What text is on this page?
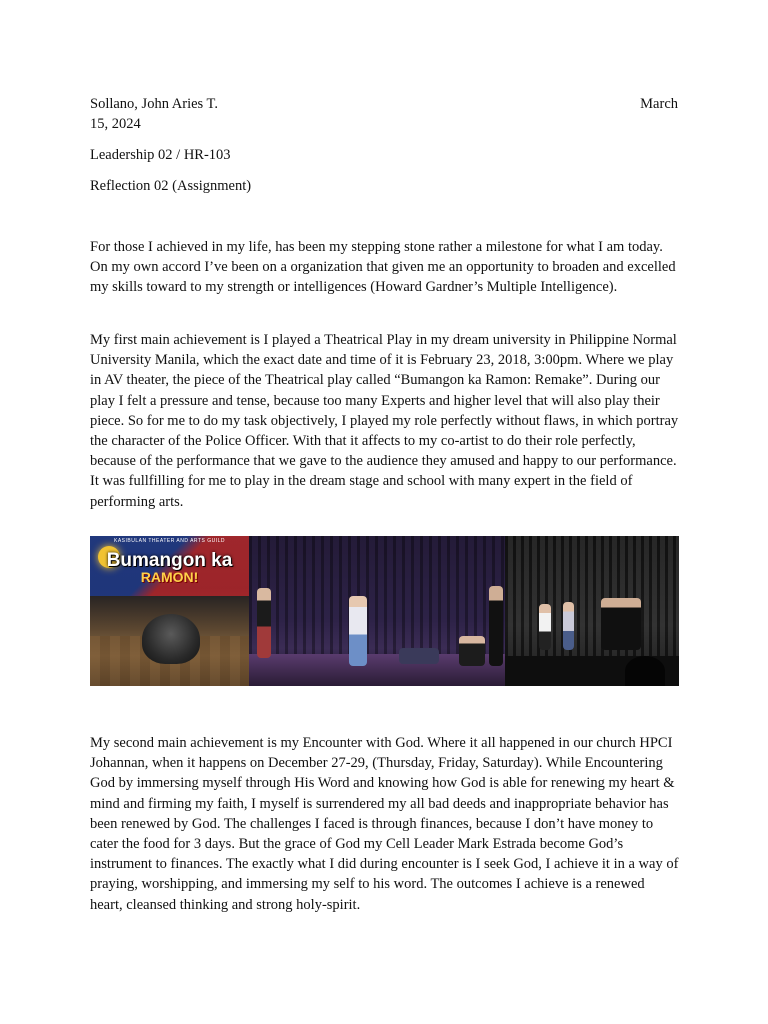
Sollano, John Aries T.	March
15, 2024
Leadership 02 / HR-103
Reflection 02 (Assignment)

For those I achieved in my life, has been my stepping stone rather a milestone for what I am today. On my own accord I’ve been on a organization that given me an opportunity to broaden and excelled my skills toward to my strength or intelligences (Howard Gardner’s Multiple Intelligence).

My first main achievement is I played a Theatrical Play in my dream university in Philippine Normal University Manila, which the exact date and time of it is February 23, 2018, 3:00pm. Where we play in AV theater, the piece of the Theatrical play called “Bumangon ka Ramon: Remake”. During our play I felt a pressure and tense, because too many Experts and higher level that will also play their piece. So for me to do my task objectively, I played my role perfectly without flaws, in which portray the character of the Police Officer. With that it affects to my co-artist to do their role perfectly, because of the performance that we gave to the audience they amused and happy to our performance. It was fullfilling for me to play in the dream stage and school with many expert in the field of performing arts.

KASIBULAN THEATER AND ARTS GUILD
Bumangon ka
RAMON!

My second main achievement is my Encounter with God. Where it all happened in our church HPCI Johannan, when it happens on December 27-29, (Thursday, Friday, Saturday). While Encountering God by immersing myself through His Word and knowing how God is able for renewing my heart & mind and firming my faith, I myself is surrendered my all bad deeds and inappropriate behavior has been renewed by God. The challenges I faced is through finances, because I don’t have money to cater the food for 3 days. But the grace of God my Cell Leader Mark Estrada become God’s instrument to finances. The exactly what I did during encounter is I seek God, I achieve it in a way of praying, worshipping, and immersing my self to his word. The outcomes I achieve is a renewed heart, cleansed thinking and strong holy-spirit.
